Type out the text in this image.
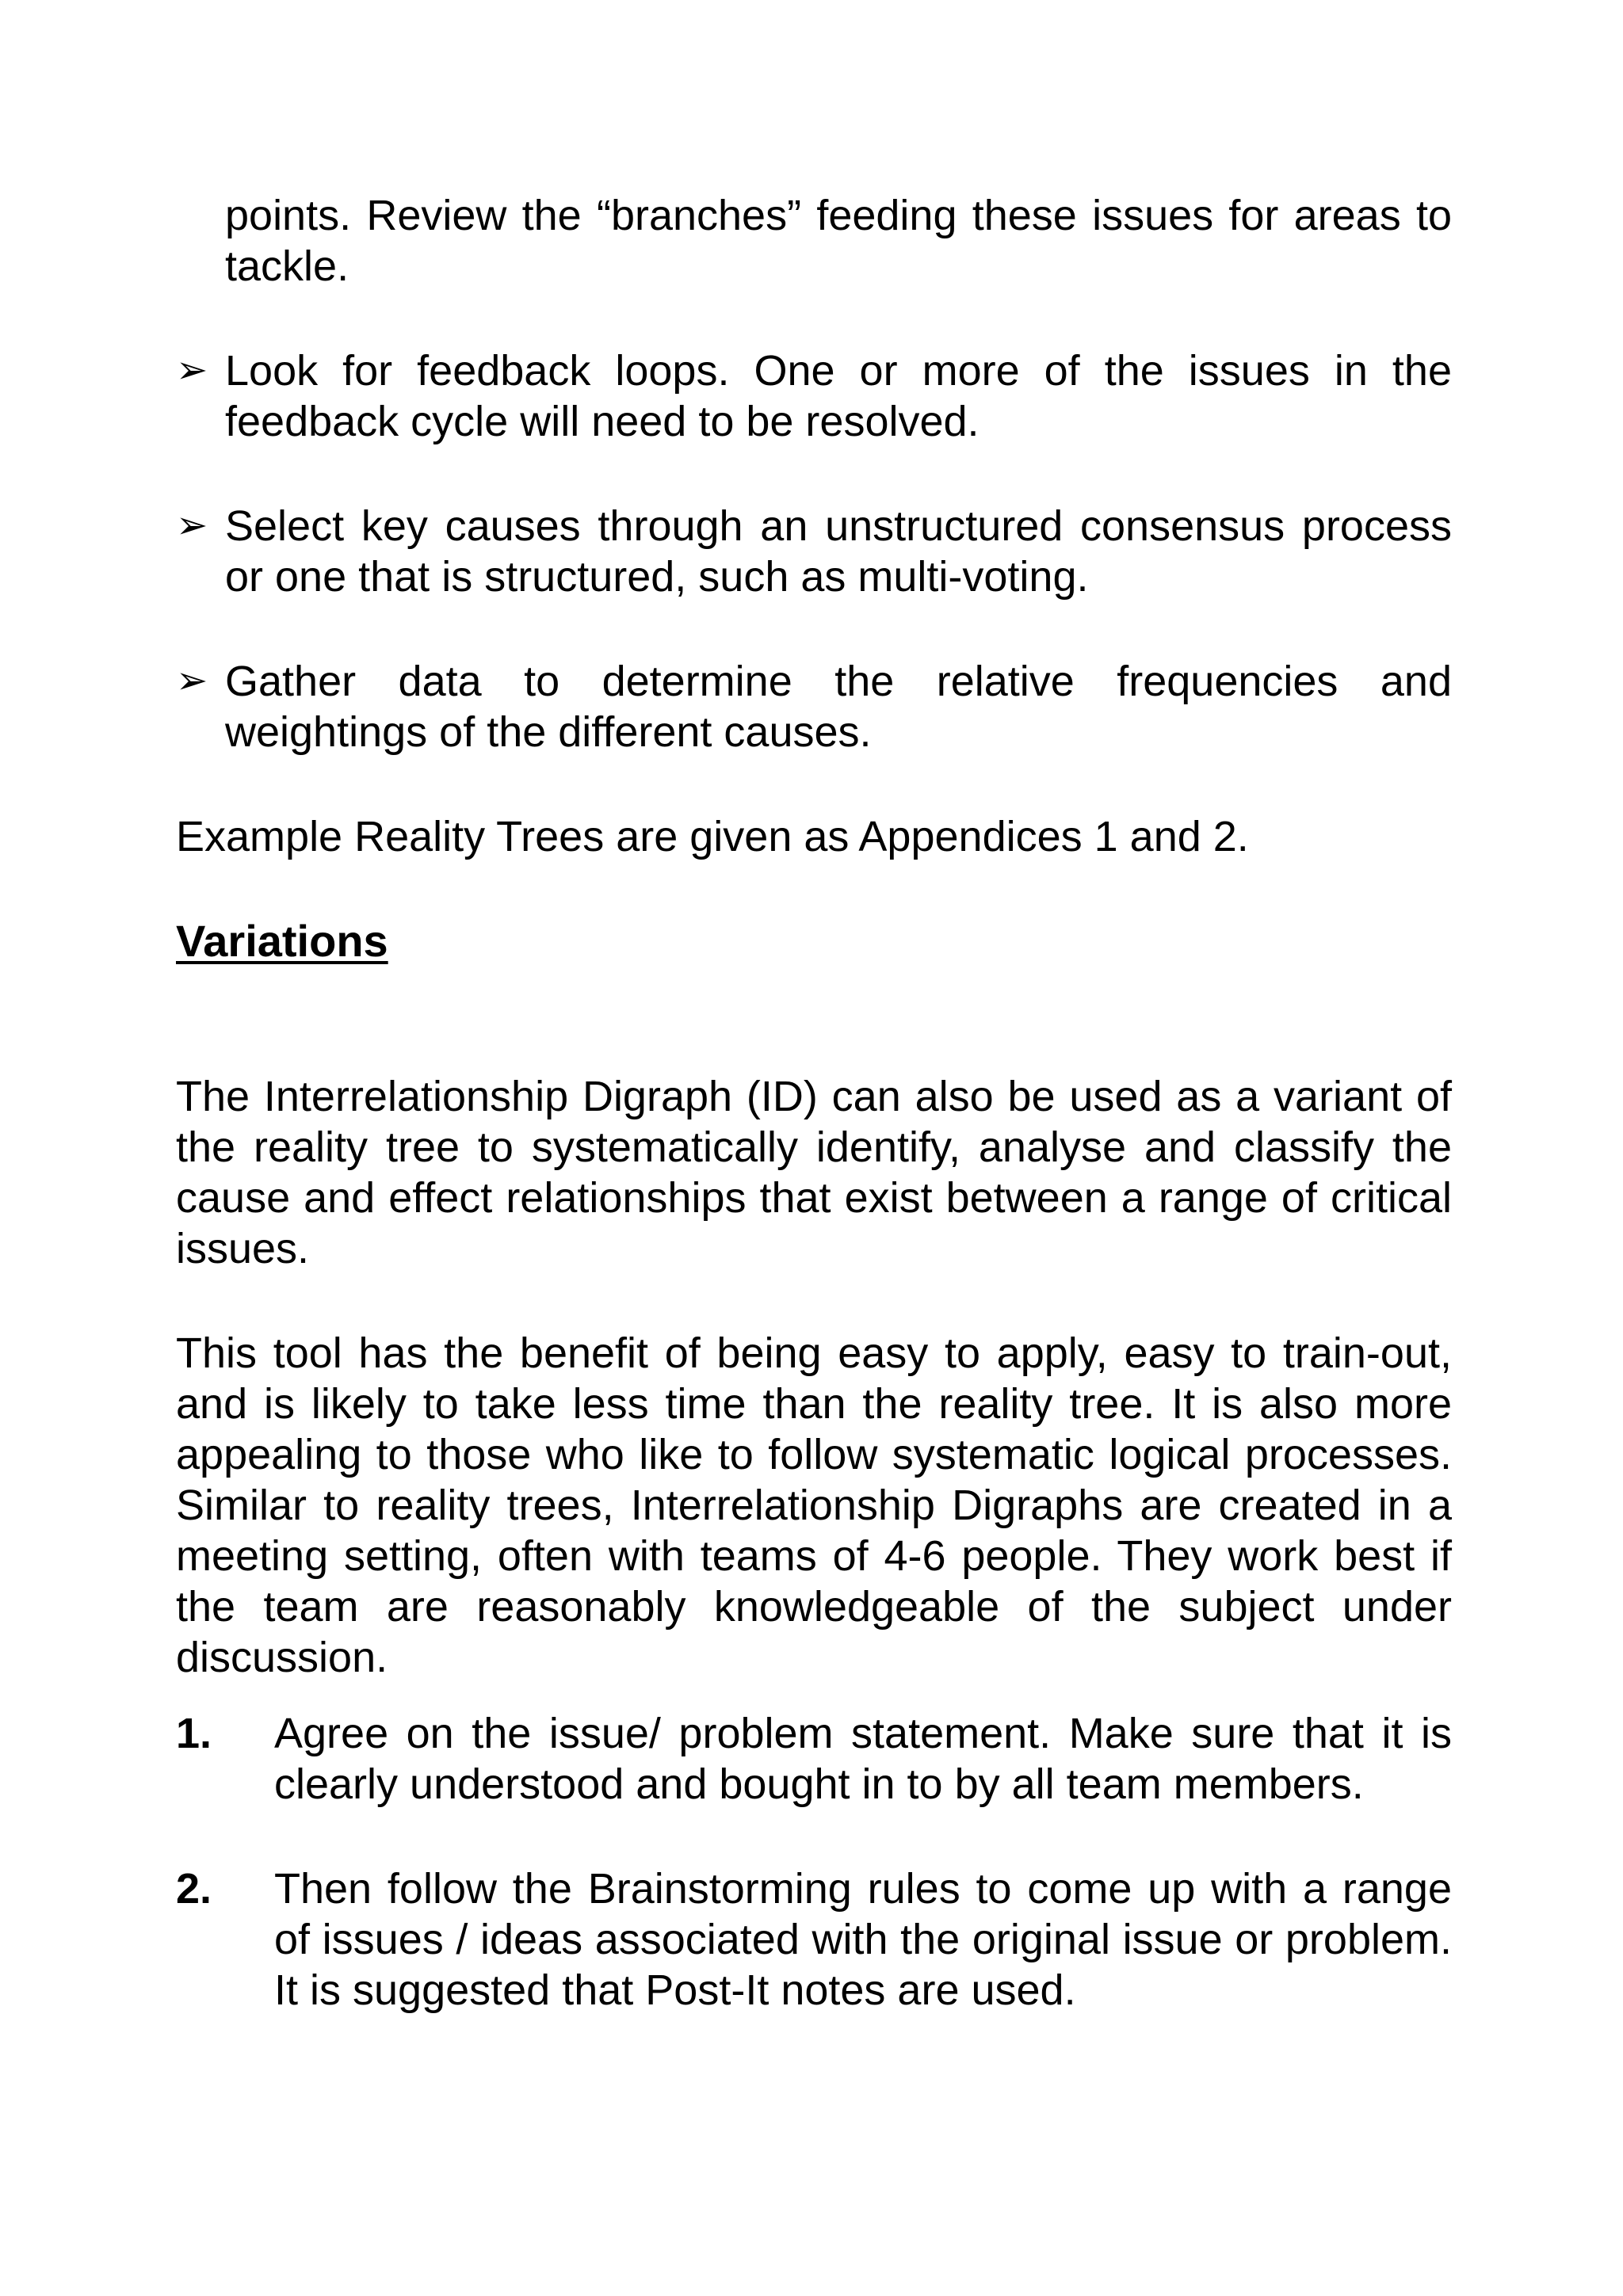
points. Review the “branches” feeding these issues for areas to tackle.

➢ Look for feedback loops. One or more of the issues in the feedback cycle will need to be resolved.

➢ Select key causes through an unstructured consensus process or one that is structured, such as multi-voting.

➢ Gather data to determine the relative frequencies and weightings of the different causes.

Example Reality Trees are given as Appendices 1 and 2.

Variations

The Interrelationship Digraph (ID) can also be used as a variant of the reality tree to systematically identify, analyse and classify the cause and effect relationships that exist between a range of critical issues.

This tool has the benefit of being easy to apply, easy to train-out, and is likely to take less time than the reality tree. It is also more appealing to those who like to follow systematic logical processes. Similar to reality trees, Interrelationship Digraphs are created in a meeting setting, often with teams of 4-6 people. They work best if the team are reasonably knowledgeable of the subject under discussion.

1. Agree on the issue/ problem statement. Make sure that it is clearly understood and bought in to by all team members.

2. Then follow the Brainstorming rules to come up with a range of issues / ideas associated with the original issue or problem. It is suggested that Post-It notes are used.
